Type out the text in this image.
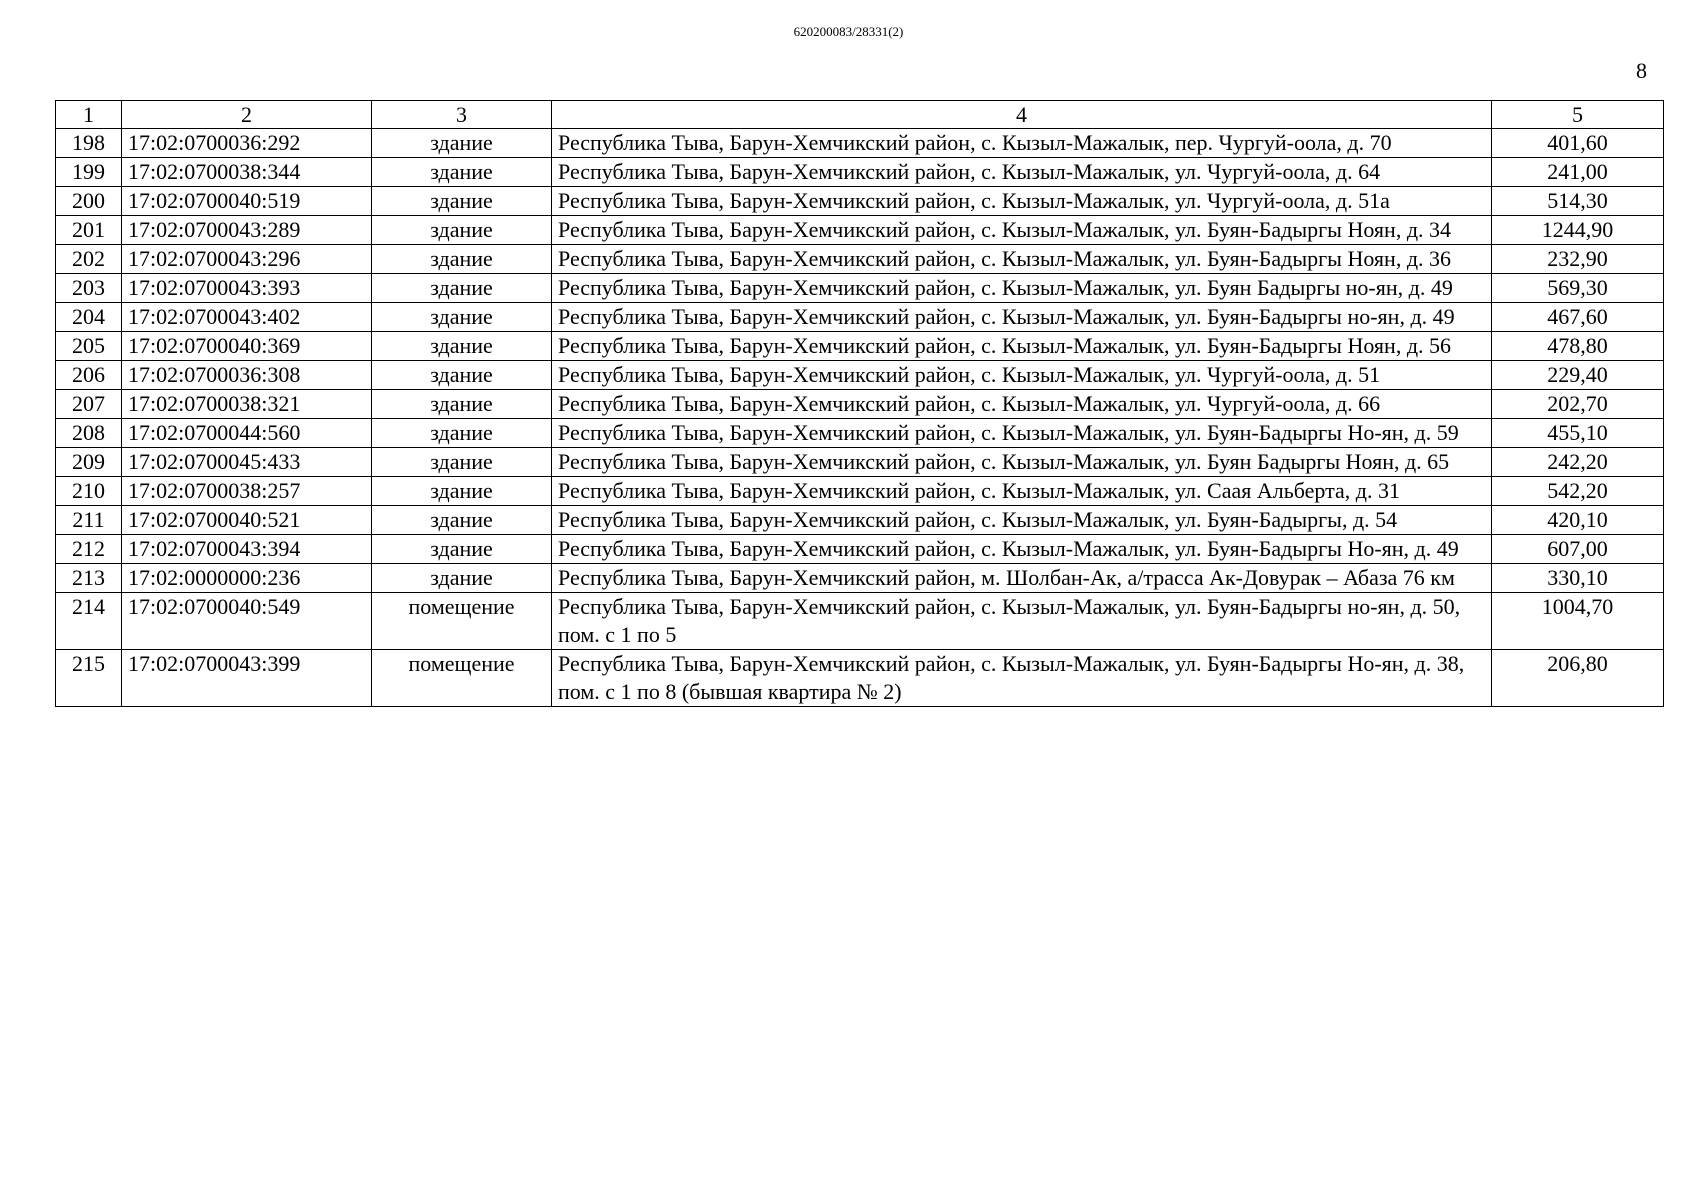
620200083/28331(2)
8
1	2	3	4	5
198	17:02:0700036:292	здание	Республика Тыва, Барун-Хемчикский район, с. Кызыл-Мажалык, пер. Чургуй-оола, д. 70	401,60
199	17:02:0700038:344	здание	Республика Тыва, Барун-Хемчикский район, с. Кызыл-Мажалык, ул. Чургуй-оола, д. 64	241,00
200	17:02:0700040:519	здание	Республика Тыва, Барун-Хемчикский район, с. Кызыл-Мажалык, ул. Чургуй-оола, д. 51а	514,30
201	17:02:0700043:289	здание	Республика Тыва, Барун-Хемчикский район, с. Кызыл-Мажалык, ул. Буян-Бадыргы Ноян, д. 34	1244,90
202	17:02:0700043:296	здание	Республика Тыва, Барун-Хемчикский район, с. Кызыл-Мажалык, ул. Буян-Бадыргы Ноян, д. 36	232,90
203	17:02:0700043:393	здание	Республика Тыва, Барун-Хемчикский район, с. Кызыл-Мажалык, ул. Буян Бадыргы но-ян, д. 49	569,30
204	17:02:0700043:402	здание	Республика Тыва, Барун-Хемчикский район, с. Кызыл-Мажалык, ул. Буян-Бадыргы но-ян, д. 49	467,60
205	17:02:0700040:369	здание	Республика Тыва, Барун-Хемчикский район, с. Кызыл-Мажалык, ул. Буян-Бадыргы Ноян, д. 56	478,80
206	17:02:0700036:308	здание	Республика Тыва, Барун-Хемчикский район, с. Кызыл-Мажалык, ул. Чургуй-оола, д. 51	229,40
207	17:02:0700038:321	здание	Республика Тыва, Барун-Хемчикский район, с. Кызыл-Мажалык, ул. Чургуй-оола, д. 66	202,70
208	17:02:0700044:560	здание	Республика Тыва, Барун-Хемчикский район, с. Кызыл-Мажалык, ул. Буян-Бадыргы Но-ян, д. 59	455,10
209	17:02:0700045:433	здание	Республика Тыва, Барун-Хемчикский район, с. Кызыл-Мажалык, ул. Буян Бадыргы Ноян, д. 65	242,20
210	17:02:0700038:257	здание	Республика Тыва, Барун-Хемчикский район, с. Кызыл-Мажалык, ул. Саая Альберта, д. 31	542,20
211	17:02:0700040:521	здание	Республика Тыва, Барун-Хемчикский район, с. Кызыл-Мажалык, ул. Буян-Бадыргы, д. 54	420,10
212	17:02:0700043:394	здание	Республика Тыва, Барун-Хемчикский район, с. Кызыл-Мажалык, ул. Буян-Бадыргы Но-ян, д. 49	607,00
213	17:02:0000000:236	здание	Республика Тыва, Барун-Хемчикский район, м. Шолбан-Ак, а/трасса Ак-Довурак – Абаза 76 км	330,10
214	17:02:0700040:549	помещение	Республика Тыва, Барун-Хемчикский район, с. Кызыл-Мажалык, ул. Буян-Бадыргы но-ян, д. 50, пом. с 1 по 5	1004,70
215	17:02:0700043:399	помещение	Республика Тыва, Барун-Хемчикский район, с. Кызыл-Мажалык, ул. Буян-Бадыргы Но-ян, д. 38, пом. с 1 по 8 (бывшая квартира № 2)	206,80
